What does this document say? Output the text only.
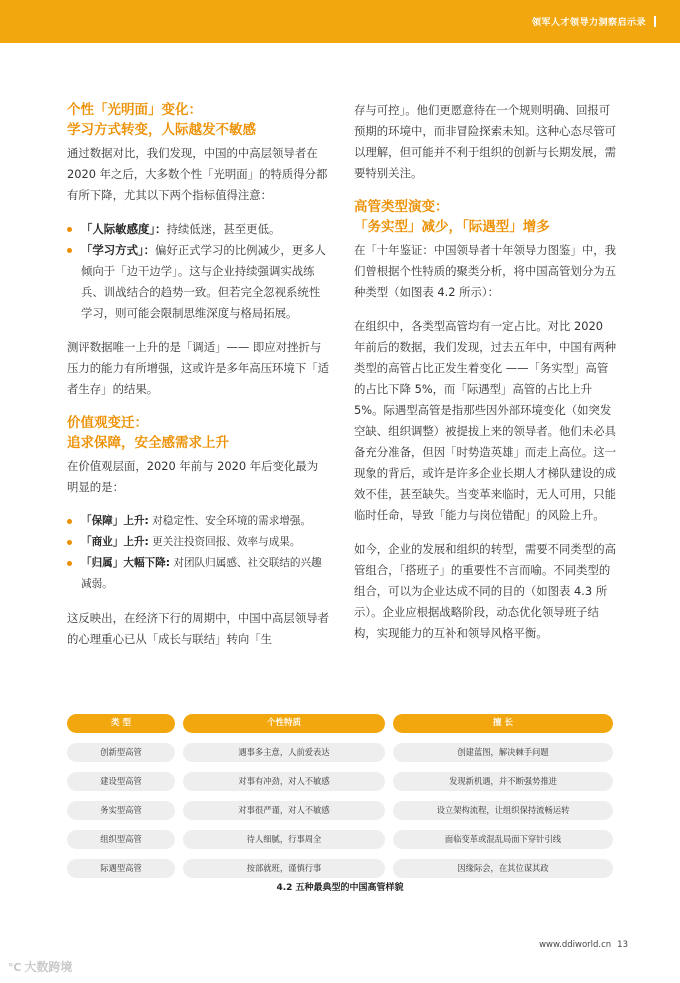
领军人才领导力洞察启示录
个性「光明面」变化：
学习方式转变，人际越发不敏感

通过数据对比，我们发现，中国的中高层领导者在 2020 年之后，大多数个性「光明面」的特质得分都有所下降，尤其以下两个指标值得注意：

「人际敏感度」：持续低迷，甚至更低。
「学习方式」：偏好正式学习的比例减少，更多人倾向于「边干边学」。这与企业持续强调实战练兵、训战结合的趋势一致。但若完全忽视系统性学习，则可能会限制思维深度与格局拓展。

测评数据唯一上升的是「调适」—— 即应对挫折与压力的能力有所增强，这或许是多年高压环境下「适者生存」的结果。

价值观变迁：
追求保障，安全感需求上升

在价值观层面，2020 年前与 2020 年后变化最为明显的是：

「保障」上升: 对稳定性、安全环境的需求增强。
「商业」上升: 更关注投资回报、效率与成果。
「归属」大幅下降: 对团队归属感、社交联结的兴趣减弱。

这反映出，在经济下行的周期中，中国中高层领导者的心理重心已从「成长与联结」转向「生

存与可控」。他们更愿意待在一个规则明确、回报可预期的环境中，而非冒险探索未知。这种心态尽管可以理解，但可能并不利于组织的创新与长期发展，需要特别关注。

高管类型演变：
「务实型」减少，「际遇型」增多

在「十年鉴证：中国领导者十年领导力图鉴」中，我们曾根据个性特质的聚类分析，将中国高管划分为五种类型（如图表 4.2 所示）：

在组织中，各类型高管均有一定占比。对比 2020 年前后的数据，我们发现，过去五年中，中国有两种类型的高管占比正发生着变化 ——「务实型」高管的占比下降 5%，而「际遇型」高管的占比上升 5%。际遇型高管是指那些因外部环境变化（如突发空缺、组织调整）被提拔上来的领导者。他们未必具备充分准备，但因「时势造英雄」而走上高位。这一现象的背后，或许是许多企业长期人才梯队建设的成效不佳，甚至缺失。当变革来临时，无人可用，只能临时任命，导致「能力与岗位错配」的风险上升。

如今，企业的发展和组织的转型，需要不同类型的高管组合，「搭班子」的重要性不言而喻。不同类型的组合，可以为企业达成不同的目的（如图表 4.3 所示）。企业应根据战略阶段，动态优化领导班子结构，实现能力的互补和领导风格平衡。

类 型	个性特质	擅 长
创新型高管	遇事多主意，人前爱表达	创建蓝图，解决棘手问题
建设型高管	对事有冲劲，对人不敏感	发现新机遇，并不断强势推进
务实型高管	对事很严谨，对人不敏感	设立架构流程，让组织保持流畅运转
组织型高管	待人细腻，行事周全	面临变革或混乱局面下穿针引线
际遇型高管	按部就班，谨慎行事	因缘际会，在其位谋其政
4.2 五种最典型的中国高管样貌
www.ddiworld.cn 13
℃ 大数跨境
